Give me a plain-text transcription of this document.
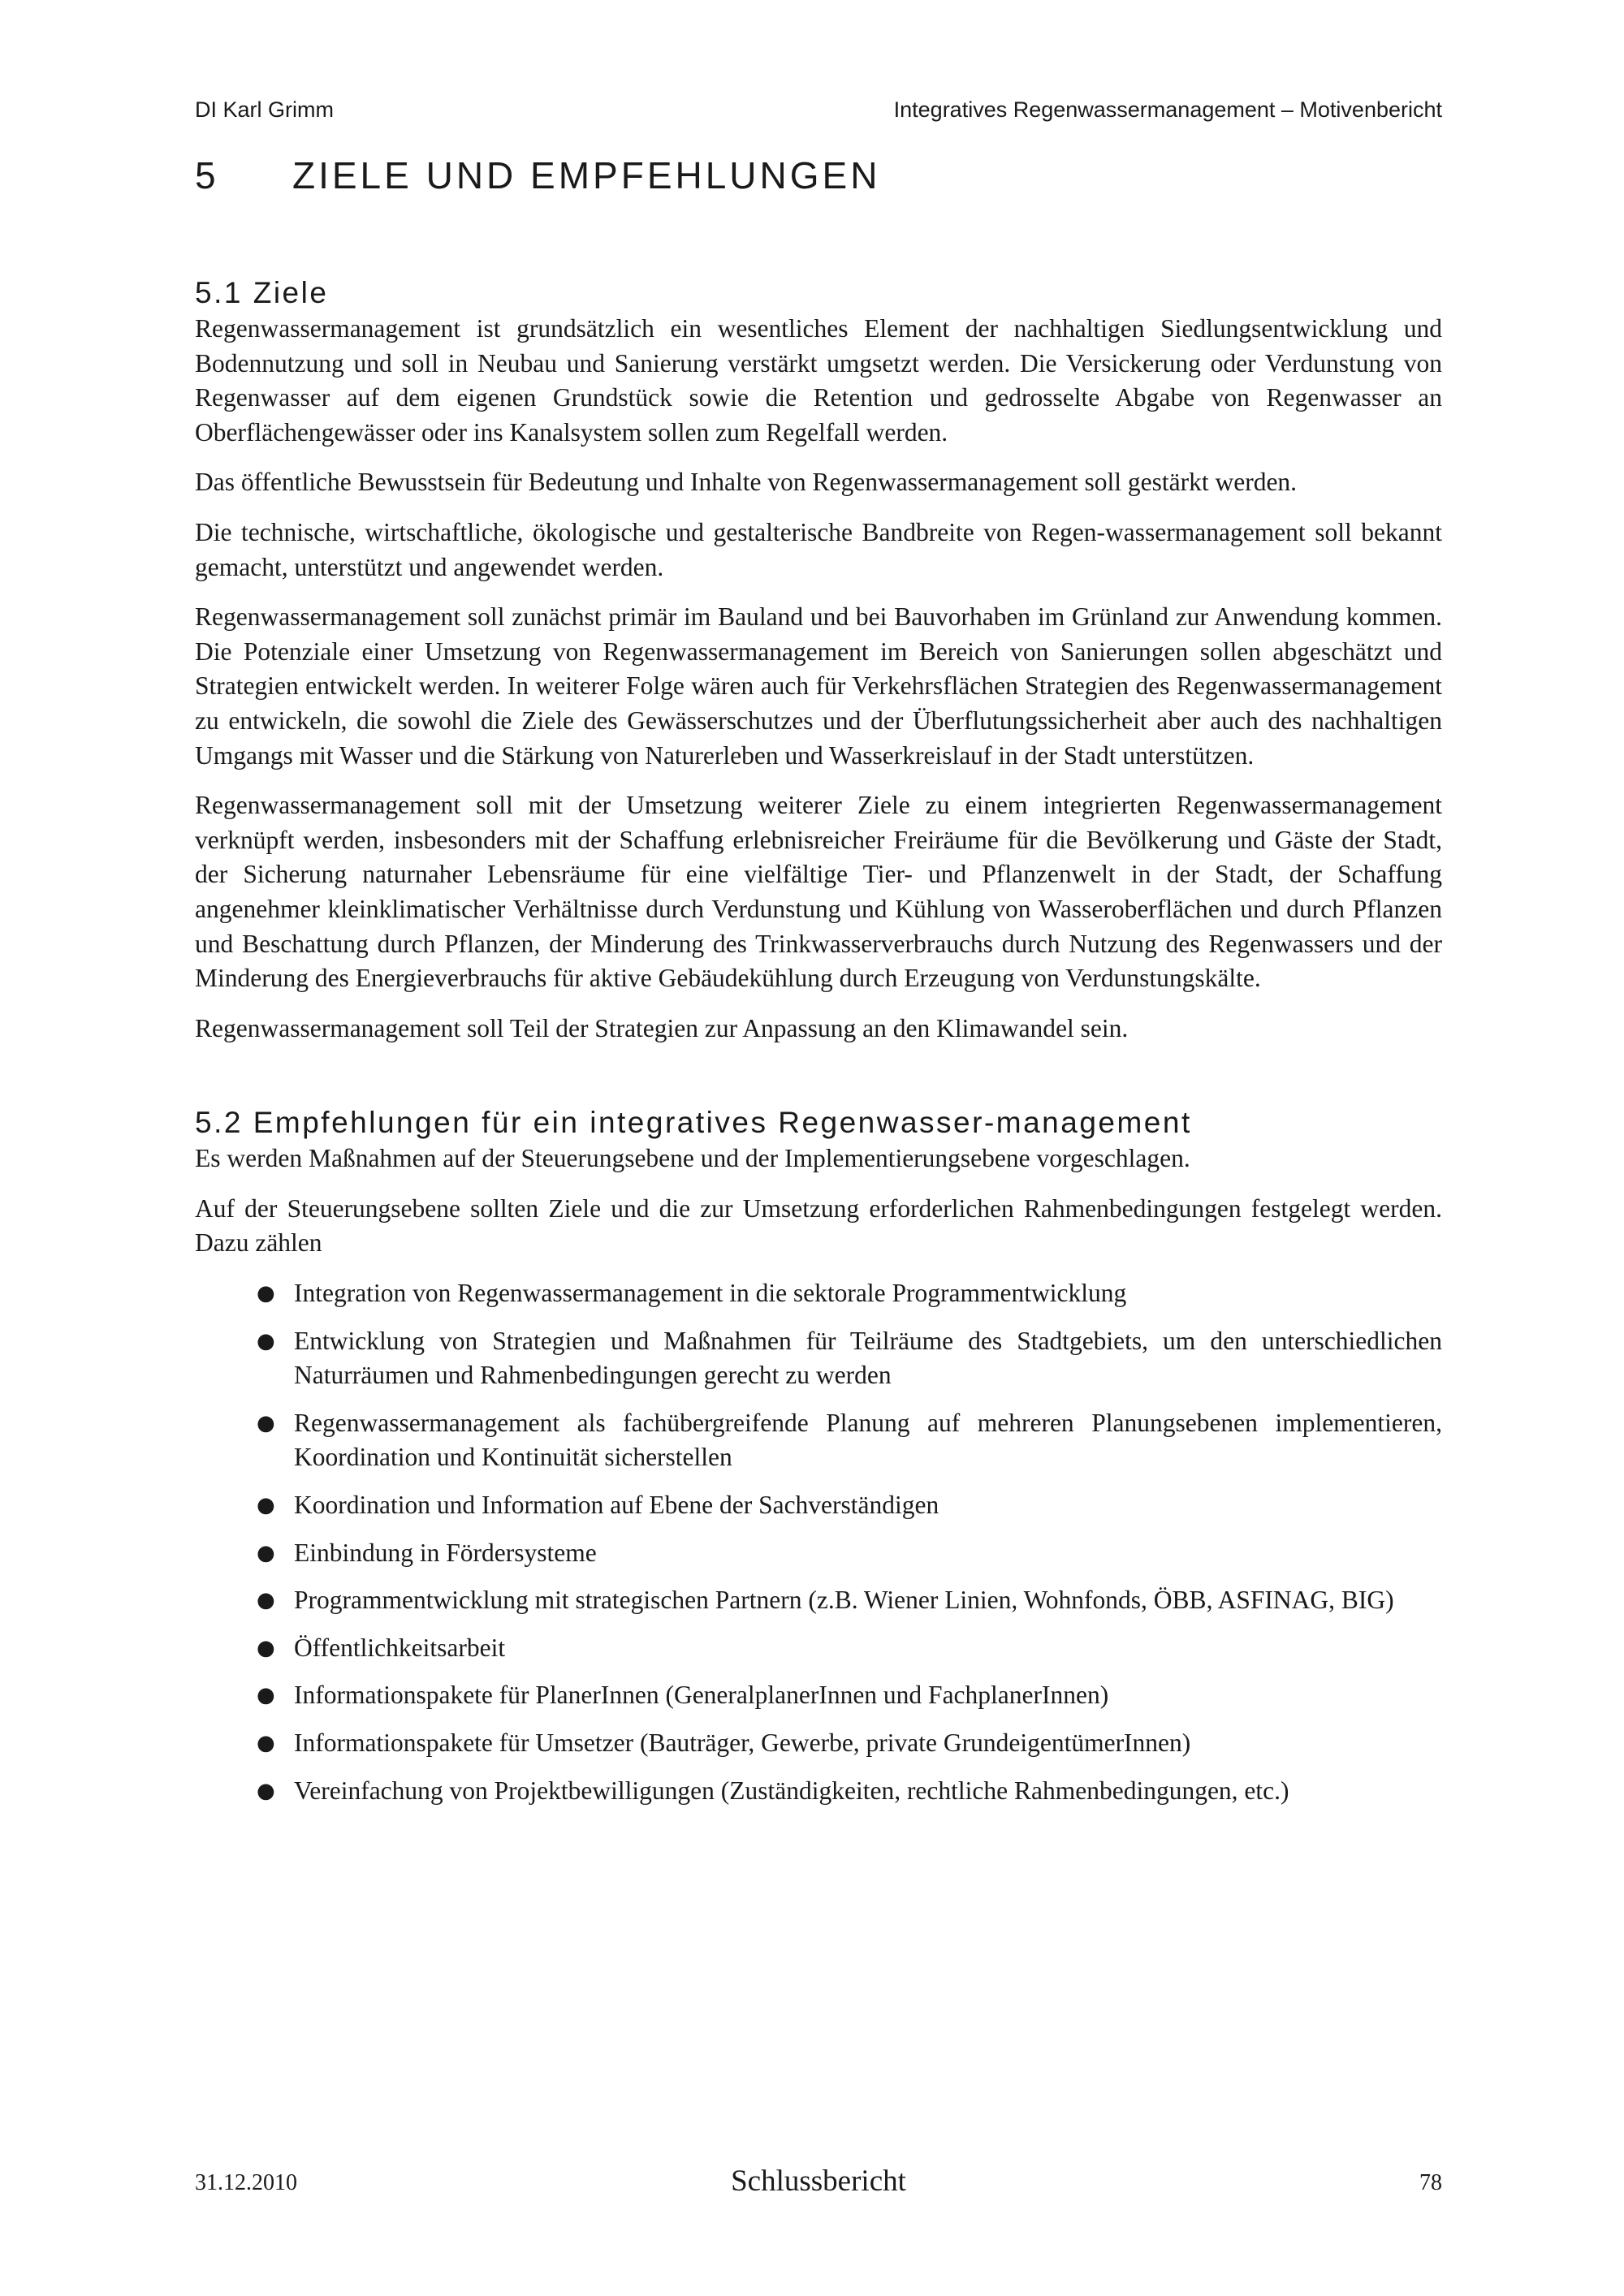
DI Karl Grimm	Integratives Regenwassermanagement – Motivenbericht
5 ZIELE UND EMPFEHLUNGEN
5.1 Ziele

Regenwassermanagement ist grundsätzlich ein wesentliches Element der nachhaltigen Siedlungsentwicklung und Bodennutzung und soll in Neubau und Sanierung verstärkt umgsetzt werden. Die Versickerung oder Verdunstung von Regenwasser auf dem eigenen Grundstück sowie die Retention und gedrosselte Abgabe von Regenwasser an Oberflächengewässer oder ins Kanalsystem sollen zum Regelfall werden.

Das öffentliche Bewusstsein für Bedeutung und Inhalte von Regenwassermanagement soll gestärkt werden.

Die technische, wirtschaftliche, ökologische und gestalterische Bandbreite von Regen-wassermanagement soll bekannt gemacht, unterstützt und angewendet werden.

Regenwassermanagement soll zunächst primär im Bauland und bei Bauvorhaben im Grünland zur Anwendung kommen. Die Potenziale einer Umsetzung von Regenwassermanagement im Bereich von Sanierungen sollen abgeschätzt und Strategien entwickelt werden. In weiterer Folge wären auch für Verkehrsflächen Strategien des Regenwassermanagement zu entwickeln, die sowohl die Ziele des Gewässerschutzes und der Überflutungssicherheit aber auch des nachhaltigen Umgangs mit Wasser und die Stärkung von Naturerleben und Wasserkreislauf in der Stadt unterstützen.

Regenwassermanagement soll mit der Umsetzung weiterer Ziele zu einem integrierten Regenwassermanagement verknüpft werden, insbesonders mit der Schaffung erlebnisreicher Freiräume für die Bevölkerung und Gäste der Stadt, der Sicherung naturnaher Lebensräume für eine vielfältige Tier- und Pflanzenwelt in der Stadt, der Schaffung angenehmer kleinklimatischer Verhältnisse durch Verdunstung und Kühlung von Wasseroberflächen und durch Pflanzen und Beschattung durch Pflanzen, der Minderung des Trinkwasserverbrauchs durch Nutzung des Regenwassers und der Minderung des Energieverbrauchs für aktive Gebäudekühlung durch Erzeugung von Verdunstungskälte.

Regenwassermanagement soll Teil der Strategien zur Anpassung an den Klimawandel sein.

5.2 Empfehlungen für ein integratives Regenwasser-management

Es werden Maßnahmen auf der Steuerungsebene und der Implementierungsebene vorgeschlagen.

Auf der Steuerungsebene sollten Ziele und die zur Umsetzung erforderlichen Rahmenbedingungen festgelegt werden. Dazu zählen

● Integration von Regenwassermanagement in die sektorale Programmentwicklung
● Entwicklung von Strategien und Maßnahmen für Teilräume des Stadtgebiets, um den unterschiedlichen Naturräumen und Rahmenbedingungen gerecht zu werden
● Regenwassermanagement als fachübergreifende Planung auf mehreren Planungsebenen implementieren, Koordination und Kontinuität sicherstellen
● Koordination und Information auf Ebene der Sachverständigen
● Einbindung in Fördersysteme
● Programmentwicklung mit strategischen Partnern (z.B. Wiener Linien, Wohnfonds, ÖBB, ASFINAG, BIG)
● Öffentlichkeitsarbeit
● Informationspakete für PlanerInnen (GeneralplanerInnen und FachplanerInnen)
● Informationspakete für Umsetzer (Bauträger, Gewerbe, private GrundeigentümerInnen)
● Vereinfachung von Projektbewilligungen (Zuständigkeiten, rechtliche Rahmenbedingungen, etc.)
31.12.2010	Schlussbericht	78
